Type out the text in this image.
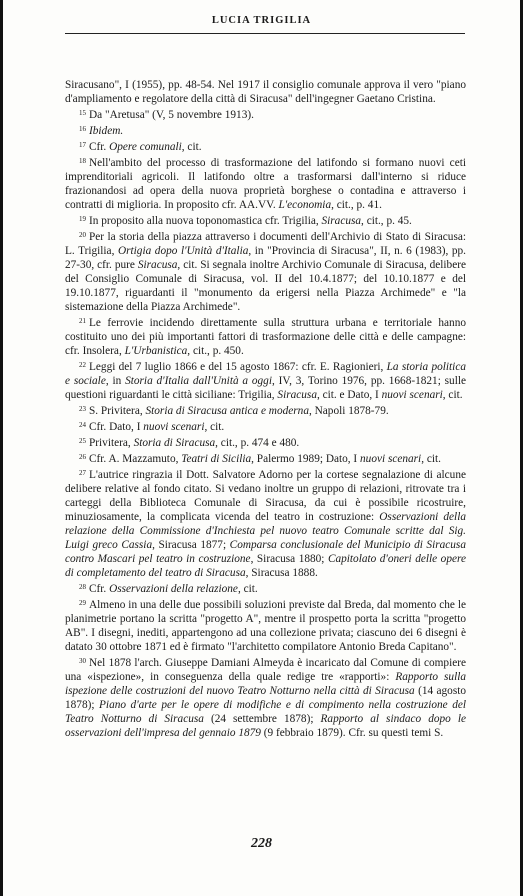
LUCIA TRIGILIA

Siracusano", I (1955), pp. 48-54. Nel 1917 il consiglio comunale approva il vero "piano d'ampliamento e regolatore della città di Siracusa" dell'ingegner Gaetano Cristina.

$^{15}$ Da "Aretusa" (V, 5 novembre 1913).

$^{16}$ Ibidem.

$^{17}$ Cfr. Opere comunali, cit.

$^{18}$ Nell'ambito del processo di trasformazione del latifondo si formano nuovi ceti imprenditoriali agricoli. Il latifondo oltre a trasformarsi dall'interno si riduce frazionandosi ad opera della nuova proprietà borghese o contadina e attraverso i contratti di miglioria. In proposito cfr. AA.VV. L'economia, cit., p. 41.

$^{19}$ In proposito alla nuova toponomastica cfr. Trigilia, Siracusa, cit., p. 45.

$^{20}$ Per la storia della piazza attraverso i documenti dell'Archivio di Stato di Siracusa: L. Trigilia, Ortigia dopo l'Unità d'Italia, in "Provincia di Siracusa", II, n. 6 (1983), pp. 27-30, cfr. pure Siracusa, cit. Si segnala inoltre Archivio Comunale di Siracusa, delibere del Consiglio Comunale di Siracusa, vol. II del 10.4.1877; del 10.10.1877 e del 19.10.1877, riguardanti il "monumento da erigersi nella Piazza Archimede" e "la sistemazione della Piazza Archimede".

$^{21}$ Le ferrovie incidendo direttamente sulla struttura urbana e territoriale hanno costituito uno dei più importanti fattori di trasformazione delle città e delle campagne: cfr. Insolera, L'Urbanistica, cit., p. 450.

$^{22}$ Leggi del 7 luglio 1866 e del 15 agosto 1867: cfr. E. Ragionieri, La storia politica e sociale, in Storia d'Italia dall'Unità a oggi, IV, 3, Torino 1976, pp. 1668-1821; sulle questioni riguardanti le città siciliane: Trigilia, Siracusa, cit. e Dato, I nuovi scenari, cit.

$^{23}$ S. Privitera, Storia di Siracusa antica e moderna, Napoli 1878-79.

$^{24}$ Cfr. Dato, I nuovi scenari, cit.

$^{25}$ Privitera, Storia di Siracusa, cit., p. 474 e 480.

$^{26}$ Cfr. A. Mazzamuto, Teatri di Sicilia, Palermo 1989; Dato, I nuovi scenari, cit.

$^{27}$ L'autrice ringrazia il Dott. Salvatore Adorno per la cortese segnalazione di alcune delibere relative al fondo citato. Si vedano inoltre un gruppo di relazioni, ritrovate tra i carteggi della Biblioteca Comunale di Siracusa, da cui è possibile ricostruire, minuziosamente, la complicata vicenda del teatro in costruzione: Osservazioni della relazione della Commissione d'Inchiesta pel nuovo teatro Comunale scritte dal Sig. Luigi greco Cassia, Siracusa 1877; Comparsa conclusionale del Municipio di Siracusa contro Mascari pel teatro in costruzione, Siracusa 1880; Capitolato d'oneri delle opere di completamento del teatro di Siracusa, Siracusa 1888.

$^{28}$ Cfr. Osservazioni della relazione, cit.

$^{29}$ Almeno in una delle due possibili soluzioni previste dal Breda, dal momento che le planimetrie portano la scritta "progetto A", mentre il prospetto porta la scritta "progetto AB". I disegni, inediti, appartengono ad una collezione privata; ciascuno dei 6 disegni è datato 30 ottobre 1871 ed è firmato "l'architetto compilatore Antonio Breda Capitano".

$^{30}$ Nel 1878 l'arch. Giuseppe Damiani Almeyda è incaricato dal Comune di compiere una «ispezione», in conseguenza della quale redige tre «rapporti»: Rapporto sulla ispezione delle costruzioni del nuovo Teatro Notturno nella città di Siracusa (14 agosto 1878); Piano d'arte per le opere di modifiche e di compimento nella costruzione del Teatro Notturno di Siracusa (24 settembre 1878); Rapporto al sindaco dopo le osservazioni dell'impresa del gennaio 1879 (9 febbraio 1879). Cfr. su questi temi S.

228
